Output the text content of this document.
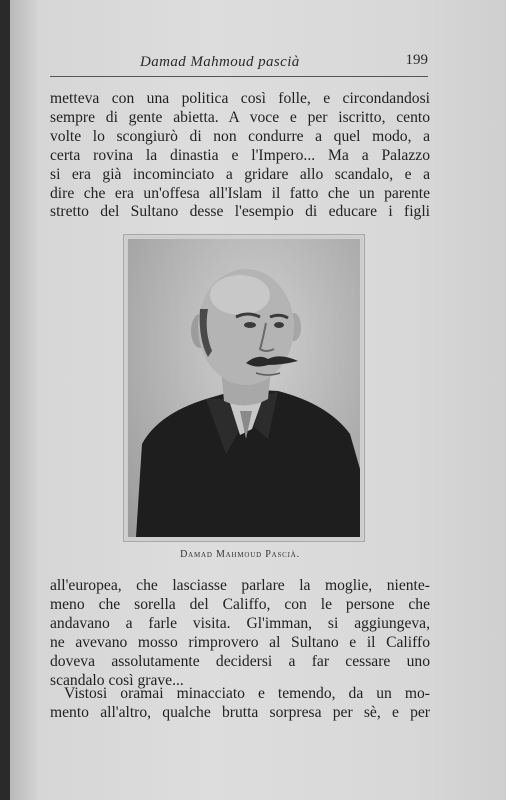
Damad Mahmoud pascià	199

metteva con una politica così folle, e circondandosi
sempre di gente abietta. A voce e per iscritto, cento
volte lo scongiurò di non condurre a quel modo, a
certa rovina la dinastia e l'Impero... Ma a Palazzo
si era già incominciato a gridare allo scandalo, e a
dire che era un'offesa all'Islam il fatto che un parente
stretto del Sultano desse l'esempio di educare i figli

Damad Mahmoud Pascià.

all'europea, che lasciasse parlare la moglie, niente-
meno che sorella del Califfo, con le persone che
andavano a farle visita. Gl'imman, si aggiungeva,
ne avevano mosso rimprovero al Sultano e il Califfo
doveva assolutamente decidersi a far cessare uno
scandalo così grave...

Vistosi oramai minacciato e temendo, da un mo-
mento all'altro, qualche brutta sorpresa per sè, e per
